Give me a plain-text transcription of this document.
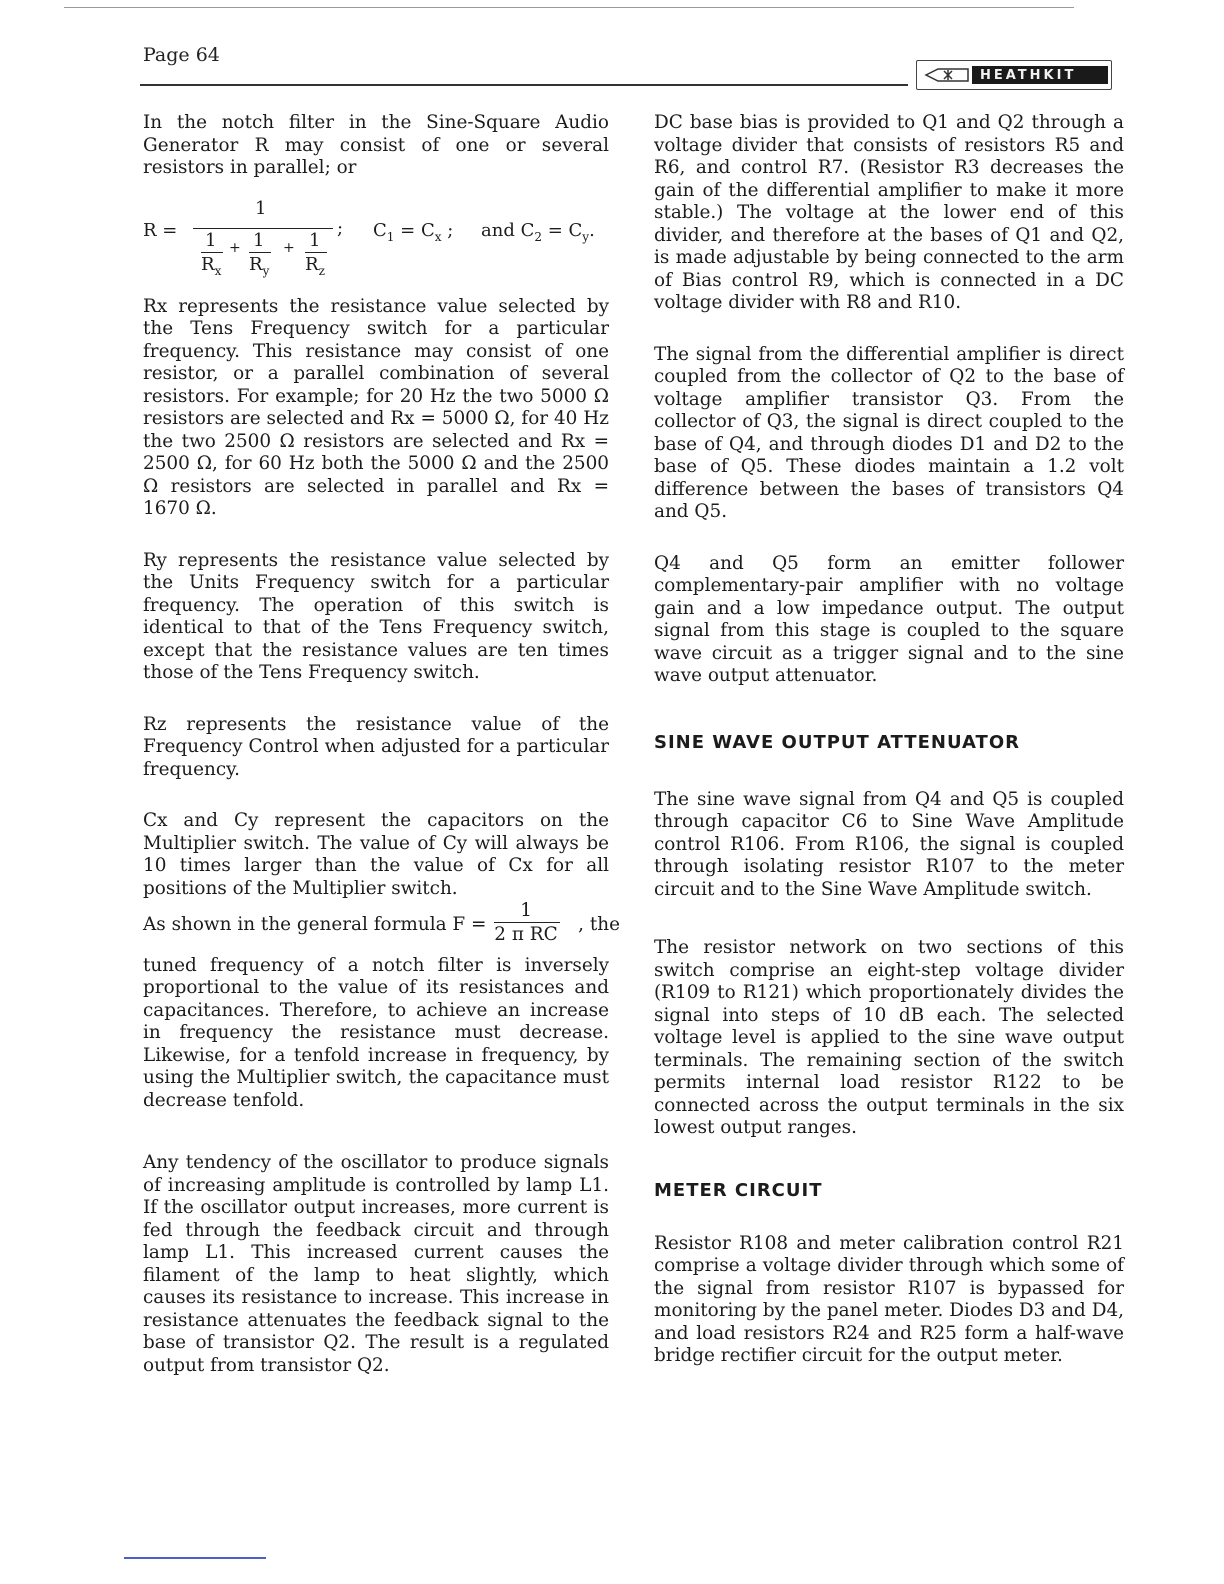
Page 64
HEATHKIT

In the notch filter in the Sine-Square Audio Generator R may consist of one or several resistors in parallel; or

R =
1
;
1
$R_x$
+ 1
$R_y$
+ 1
$R_z$
$C_1 = C_x$ ; and $C_2 = C_y$.

Rx represents the resistance value selected by the Tens Frequency switch for a particular frequency. This resistance may consist of one resistor, or a parallel combination of several resistors. For example; for 20 Hz the two 5000 Ω resistors are selected and Rx = 5000 Ω, for 40 Hz the two 2500 Ω resistors are selected and Rx = 2500 Ω, for 60 Hz both the 5000 Ω and the 2500 Ω resistors are selected in parallel and Rx = 1670 Ω.

Ry represents the resistance value selected by the Units Frequency switch for a particular frequency. The operation of this switch is identical to that of the Tens Frequency switch, except that the resistance values are ten times those of the Tens Frequency switch.

Rz represents the resistance value of the Frequency Control when adjusted for a particular frequency.

Cx and Cy represent the capacitors on the Multiplier switch. The value of Cy will always be 10 times larger than the value of Cx for all positions of the Multiplier switch.

As shown in the general formula $F = \frac{1}{\text{2 π RC}}$ , the

tuned frequency of a notch filter is inversely proportional to the value of its resistances and capacitances. Therefore, to achieve an increase in frequency the resistance must decrease. Likewise, for a tenfold increase in frequency, by using the Multiplier switch, the capacitance must decrease tenfold.

Any tendency of the oscillator to produce signals of increasing amplitude is controlled by lamp L1. If the oscillator output increases, more current is fed through the feedback circuit and through lamp L1. This increased current causes the filament of the lamp to heat slightly, which causes its resistance to increase. This increase in resistance attenuates the feedback signal to the base of transistor Q2. The result is a regulated output from transistor Q2.

DC base bias is provided to Q1 and Q2 through a voltage divider that consists of resistors R5 and R6, and control R7. (Resistor R3 decreases the gain of the differential amplifier to make it more stable.) The voltage at the lower end of this divider, and therefore at the bases of Q1 and Q2, is made adjustable by being connected to the arm of Bias control R9, which is connected in a DC voltage divider with R8 and R10.

The signal from the differential amplifier is direct coupled from the collector of Q2 to the base of voltage amplifier transistor Q3. From the collector of Q3, the signal is direct coupled to the base of Q4, and through diodes D1 and D2 to the base of Q5. These diodes maintain a 1.2 volt difference between the bases of transistors Q4 and Q5.

Q4 and Q5 form an emitter follower complementary-pair amplifier with no voltage gain and a low impedance output. The output signal from this stage is coupled to the square wave circuit as a trigger signal and to the sine wave output attenuator.

SINE WAVE OUTPUT ATTENUATOR

The sine wave signal from Q4 and Q5 is coupled through capacitor C6 to Sine Wave Amplitude control R106. From R106, the signal is coupled through isolating resistor R107 to the meter circuit and to the Sine Wave Amplitude switch.

The resistor network on two sections of this switch comprise an eight-step voltage divider (R109 to R121) which proportionately divides the signal into steps of 10 dB each. The selected voltage level is applied to the sine wave output terminals. The remaining section of the switch permits internal load resistor R122 to be connected across the output terminals in the six lowest output ranges.

METER CIRCUIT

Resistor R108 and meter calibration control R21 comprise a voltage divider through which some of the signal from resistor R107 is bypassed for monitoring by the panel meter. Diodes D3 and D4, and load resistors R24 and R25 form a half-wave bridge rectifier circuit for the output meter.
